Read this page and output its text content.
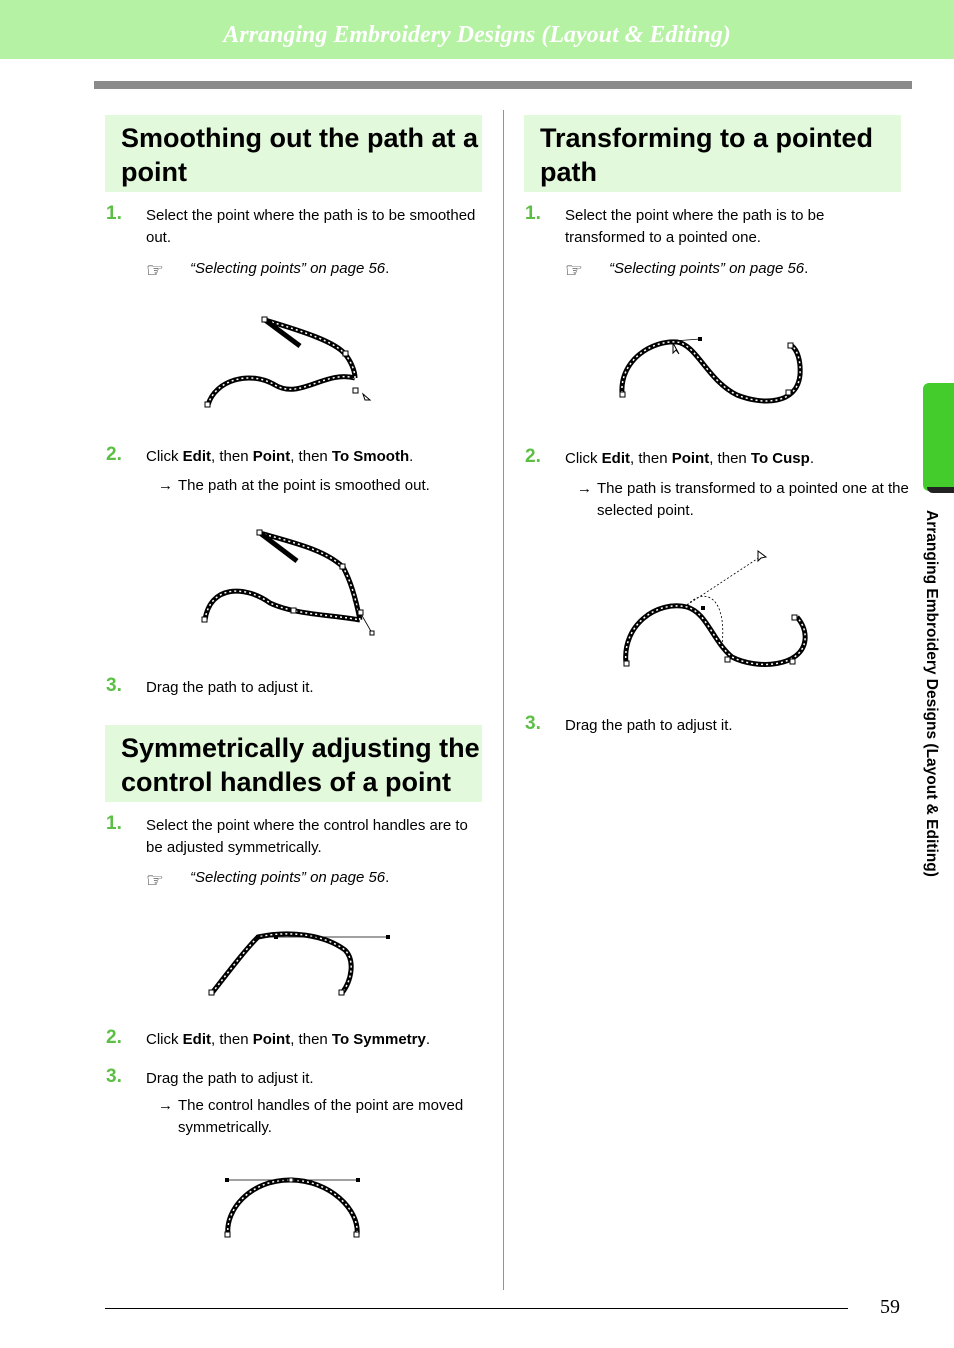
Arranging Embroidery Designs (Layout & Editing)
Smoothing out the path at a point
1. Select the point where the path is to be smoothed out.
☞ “Selecting points” on page 56.
2. Click Edit, then Point, then To Smooth.
→ The path at the point is smoothed out.
3. Drag the path to adjust it.
Symmetrically adjusting the control handles of a point
1. Select the point where the control handles are to be adjusted symmetrically.
☞ “Selecting points” on page 56.
2. Click Edit, then Point, then To Symmetry.
3. Drag the path to adjust it.
→ The control handles of the point are moved symmetrically.
Transforming to a pointed path
1. Select the point where the path is to be transformed to a pointed one.
☞ “Selecting points” on page 56.
2. Click Edit, then Point, then To Cusp.
→ The path is transformed to a pointed one at the selected point.
3. Drag the path to adjust it.	Arranging Embroidery Designs (Layout & Editing)
59
